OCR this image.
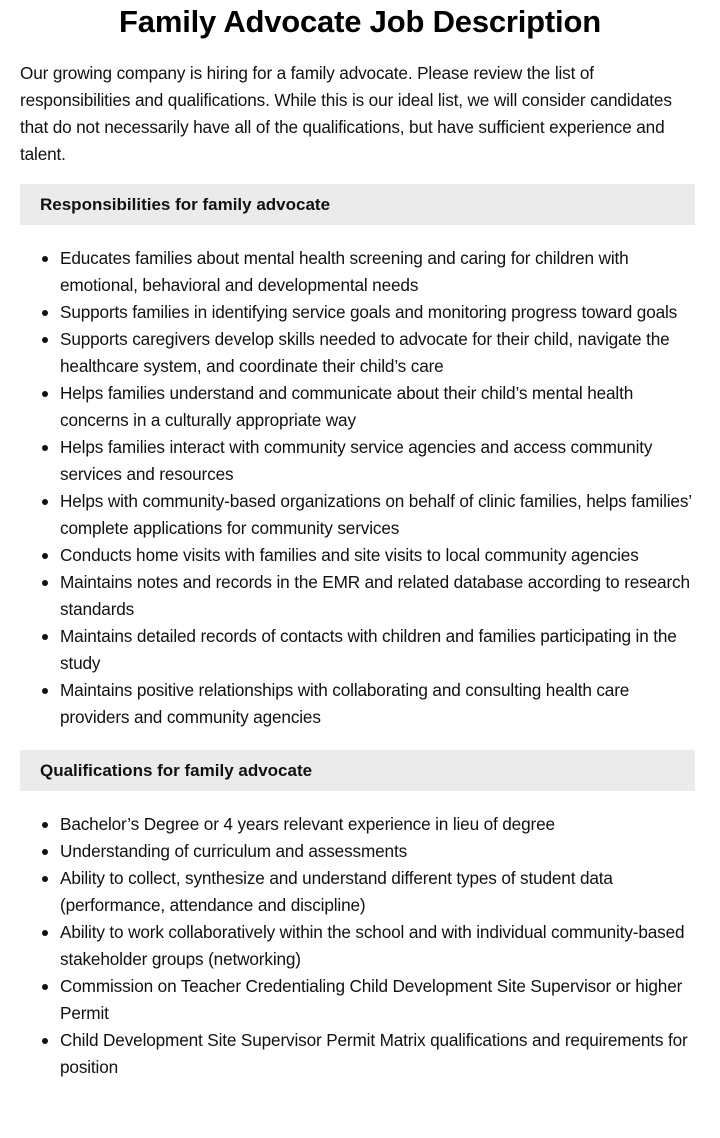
Family Advocate Job Description

Our growing company is hiring for a family advocate. Please review the list of responsibilities and qualifications. While this is our ideal list, we will consider candidates that do not necessarily have all of the qualifications, but have sufficient experience and talent.

Responsibilities for family advocate
Educates families about mental health screening and caring for children with emotional, behavioral and developmental needs
Supports families in identifying service goals and monitoring progress toward goals
Supports caregivers develop skills needed to advocate for their child, navigate the healthcare system, and coordinate their child’s care
Helps families understand and communicate about their child’s mental health concerns in a culturally appropriate way
Helps families interact with community service agencies and access community services and resources
Helps with community-based organizations on behalf of clinic families, helps families’ complete applications for community services
Conducts home visits with families and site visits to local community agencies
Maintains notes and records in the EMR and related database according to research standards
Maintains detailed records of contacts with children and families participating in the study
Maintains positive relationships with collaborating and consulting health care providers and community agencies
Qualifications for family advocate
Bachelor’s Degree or 4 years relevant experience in lieu of degree
Understanding of curriculum and assessments
Ability to collect, synthesize and understand different types of student data (performance, attendance and discipline)
Ability to work collaboratively within the school and with individual community-based stakeholder groups (networking)
Commission on Teacher Credentialing Child Development Site Supervisor or higher Permit
Child Development Site Supervisor Permit Matrix qualifications and requirements for position
